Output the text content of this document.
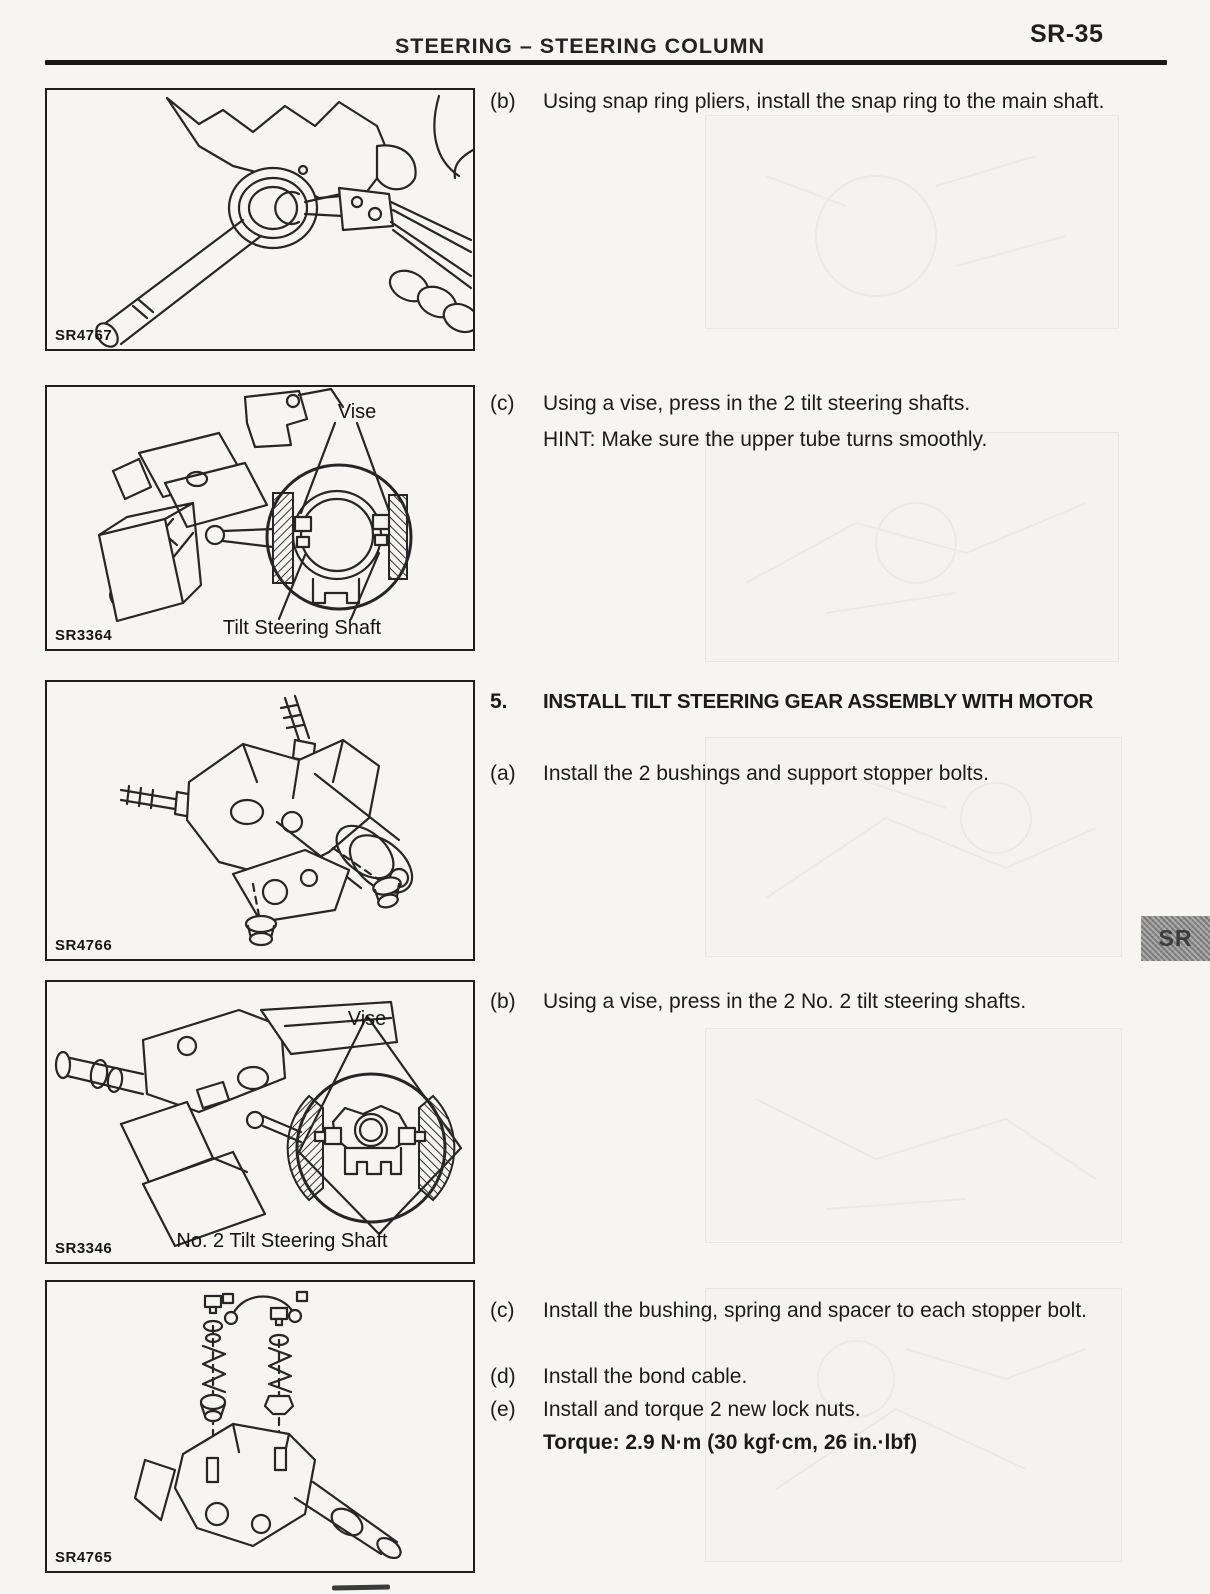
STEERING – STEERING COLUMN	SR-35
SR
SR4767
Vise
Tilt Steering Shaft
SR3364
SR4766
Vise
No. 2 Tilt Steering Shaft
SR3346
SR4765
(b)	Using snap ring pliers, install the snap ring to the main shaft.
(c)	Using a vise, press in the 2 tilt steering shafts.
HINT: Make sure the upper tube turns smoothly.
5.	INSTALL TILT STEERING GEAR ASSEMBLY WITH MOTOR
(a)	Install the 2 bushings and support stopper bolts.
(b)	Using a vise, press in the 2 No. 2 tilt steering shafts.
(c)	Install the bushing, spring and spacer to each stopper bolt.
(d)	Install the bond cable.
(e)	Install and torque 2 new lock nuts.
Torque: 2.9 N·m (30 kgf·cm, 26 in.·lbf)
